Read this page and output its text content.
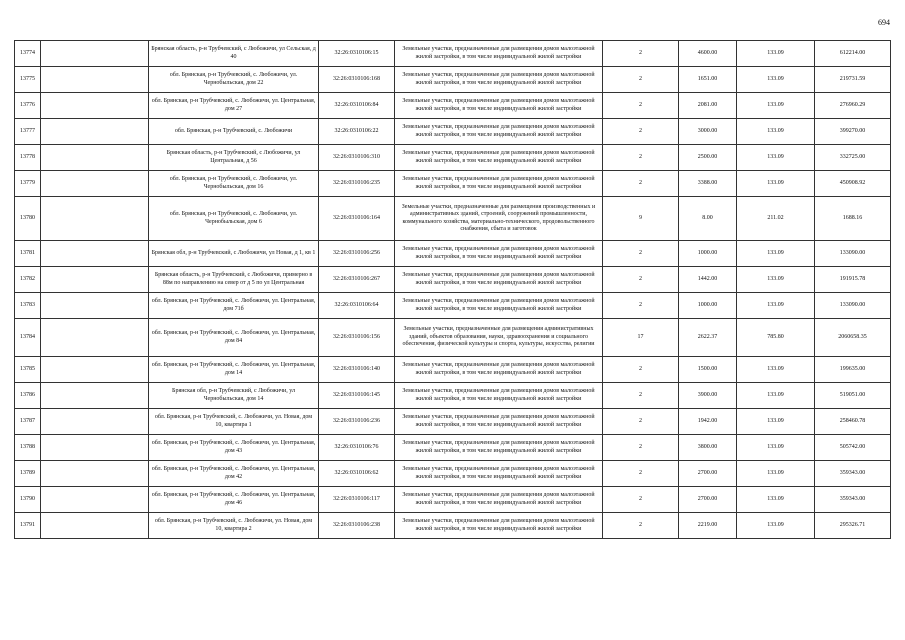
694
13774		Брянская область, р-н Трубчевский, с Любожичи, ул Сельская, д 40	32:26:0310106:15	Земельные участки, предназначенные для размещения домов малоэтажной жилой застройки, в том числе индивидуальной жилой застройки	2	4600.00	133.09	612214.00
13775		обл. Брянская, р-н Трубчевский, с. Любожичи, ул. Чернобыльская, дом 22	32:26:0310106:168	Земельные участки, предназначенные для размещения домов малоэтажной жилой застройки, в том числе индивидуальной жилой застройки	2	1651.00	133.09	219731.59
13776		обл. Брянская, р-н Трубчевский, с. Любожичи, ул. Центральная, дом 27	32:26:0310106:84	Земельные участки, предназначенные для размещения домов малоэтажной жилой застройки, в том числе индивидуальной жилой застройки	2	2081.00	133.09	276960.29
13777		обл. Брянская, р-н Трубчевский, с. Любожичи	32:26:0310106:22	Земельные участки, предназначенные для размещения домов малоэтажной жилой застройки, в том числе индивидуальной жилой застройки	2	3000.00	133.09	399270.00
13778		Брянская область, р-н Трубчевский, с Любожичи, ул Центральная, д 56	32:26:0310106:310	Земельные участки, предназначенные для размещения домов малоэтажной жилой застройки, в том числе индивидуальной жилой застройки	2	2500.00	133.09	332725.00
13779		обл. Брянская, р-н Трубчевский, с. Любожичи, ул. Чернобыльская, дом 16	32:26:0310106:235	Земельные участки, предназначенные для размещения домов малоэтажной жилой застройки, в том числе индивидуальной жилой застройки	2	3388.00	133.09	450908.92
13780		обл. Брянская, р-н Трубчевский, с. Любожичи, ул. Чернобыльская, дом 6	32:26:0310106:164	Земельные участки, предназначенные для размещения производственных и административных зданий, строений, сооружений промышленности, коммунального хозяйства, материально-технического, продовольственного снабжения, сбыта и заготовок	9	8.00	211.02	1688.16
13781		Брянская обл, р-н Трубчевский, с Любожичи, ул Новая, д 1, кв 1	32:26:0310106:256	Земельные участки, предназначенные для размещения домов малоэтажной жилой застройки, в том числе индивидуальной жилой застройки	2	1000.00	133.09	133090.00
13782		Брянская область, р-н Трубчевский, с Любожичи, примерно в 88м по направлению на север от д 5 по ул Центральная	32:26:0310106:267	Земельные участки, предназначенные для размещения домов малоэтажной жилой застройки, в том числе индивидуальной жилой застройки	2	1442.00	133.09	191915.78
13783		обл. Брянская, р-н Трубчевский, с. Любожичи, ул. Центральная, дом 71б	32:26:0310106:64	Земельные участки, предназначенные для размещения домов малоэтажной жилой застройки, в том числе индивидуальной жилой застройки	2	1000.00	133.09	133090.00
13784		обл. Брянская, р-н Трубчевский, с. Любожичи, ул. Центральная, дом 84	32:26:0310106:156	Земельные участки, предназначенные для размещения административных зданий, объектов образования, науки, здравоохранения и социального обеспечения, физической культуры и спорта, культуры, искусства, религии	17	2622.37	785.80	2060658.35
13785		обл. Брянская, р-н Трубчевский, с. Любожичи, ул. Центральная, дом 14	32:26:0310106:140	Земельные участки, предназначенные для размещения домов малоэтажной жилой застройки, в том числе индивидуальной жилой застройки	2	1500.00	133.09	199635.00
13786		Брянская обл, р-н Трубчевский, с Любожичи, ул Чернобыльская, дом 14	32:26:0310106:145	Земельные участки, предназначенные для размещения домов малоэтажной жилой застройки, в том числе индивидуальной жилой застройки	2	3900.00	133.09	519051.00
13787		обл. Брянская, р-н Трубчевский, с. Любожичи, ул. Новая, дом 10, квартира 1	32:26:0310106:236	Земельные участки, предназначенные для размещения домов малоэтажной жилой застройки, в том числе индивидуальной жилой застройки	2	1942.00	133.09	258460.78
13788		обл. Брянская, р-н Трубчевский, с. Любожичи, ул. Центральная, дом 43	32:26:0310106:76	Земельные участки, предназначенные для размещения домов малоэтажной жилой застройки, в том числе индивидуальной жилой застройки	2	3800.00	133.09	505742.00
13789		обл. Брянская, р-н Трубчевский, с. Любожичи, ул. Центральная, дом 42	32:26:0310106:62	Земельные участки, предназначенные для размещения домов малоэтажной жилой застройки, в том числе индивидуальной жилой застройки	2	2700.00	133.09	359343.00
13790		обл. Брянская, р-н Трубчевский, с. Любожичи, ул. Центральная, дом 46	32:26:0310106:117	Земельные участки, предназначенные для размещения домов малоэтажной жилой застройки, в том числе индивидуальной жилой застройки	2	2700.00	133.09	359343.00
13791		обл. Брянская, р-н Трубчевский, с. Любожичи, ул. Новая, дом 10, квартира 2	32:26:0310106:238	Земельные участки, предназначенные для размещения домов малоэтажной жилой застройки, в том числе индивидуальной жилой застройки	2	2219.00	133.09	295326.71
